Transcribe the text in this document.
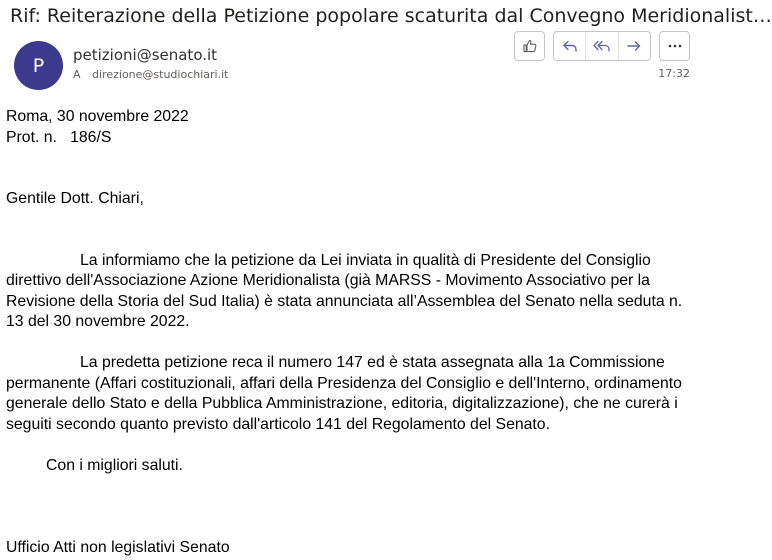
Rif: Reiterazione della Petizione popolare scaturita dal Convegno Meridionalist…
P petizioni@senato.it
A direzione@studiochiari.it	17:32

Roma, 30 novembre 2022

Prot. n.   186/S

Gentile Dott. Chiari,

La informiamo che la petizione da Lei inviata in qualità di Presidente del Consiglio direttivo dell'Associazione Azione Meridionalista (già MARSS - Movimento Associativo per la Revisione della Storia del Sud Italia) è stata annunciata all’Assemblea del Senato nella seduta n. 13 del 30 novembre 2022.

La predetta petizione reca il numero 147 ed è stata assegnata alla 1a Commissione permanente (Affari costituzionali, affari della Presidenza del Consiglio e dell'Interno, ordinamento generale dello Stato e della Pubblica Amministrazione, editoria, digitalizzazione), che ne curerà i seguiti secondo quanto previsto dall'articolo 141 del Regolamento del Senato.

Con i migliori saluti.

Ufficio Atti non legislativi Senato
